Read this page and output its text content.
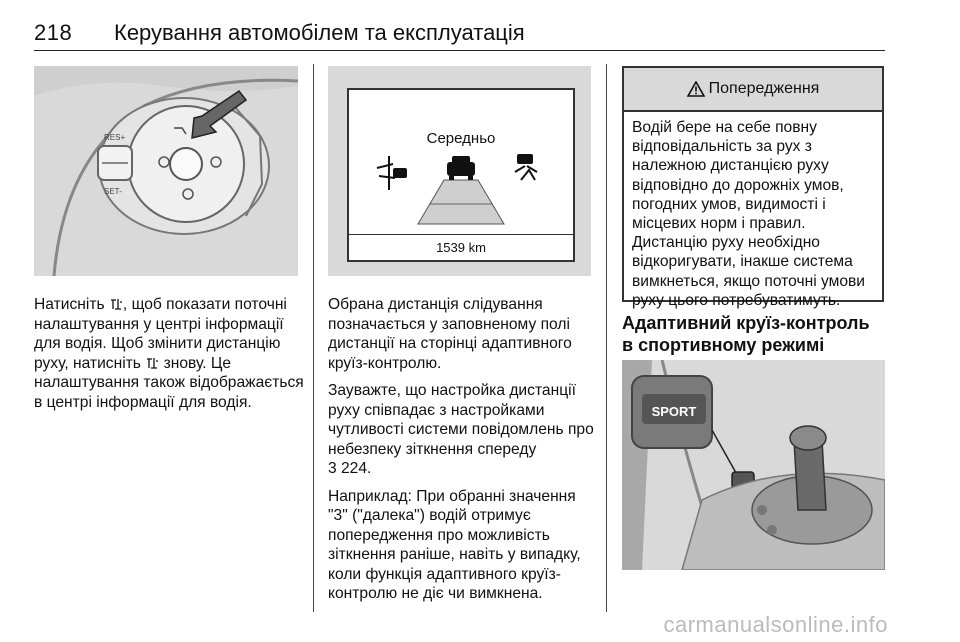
218 Керування автомобілем та експлуатація
RES+
SET-

Натисніть , щоб показати поточні налаштування у центрі інформації для водія. Щоб змінити дистанцію руху, натисніть  знову. Це налаштування також відображається в центрі інформації для водія.

Середньо
1539 km

Обрана дистанція слідування позначається у заповненому полі дистанції на сторінці адаптивного круїз-контролю.

Зауважте, що настройка дистанції руху співпадає з настройками чутливості системи повідомлень про небезпеку зіткнення спереду
3 224.

Наприклад: При обранні значення "3" ("далека") водій отримує попередження про можливість зіткнення раніше, навіть у випадку, коли функція адаптивного круїз-контролю не діє чи вимкнена.

Попередження
Водій бере на себе повну відповідальність за рух з належною дистанцією руху відповідно до дорожніх умов, погодних умов, видимості і місцевих норм і правил. Дистанцію руху необхідно відкоригувати, інакше система вимкнеться, якщо поточні умови руху цього потребуватимуть.
Адаптивний круїз-контроль в спортивному режимі
SPORT
carmanualsonline.info
